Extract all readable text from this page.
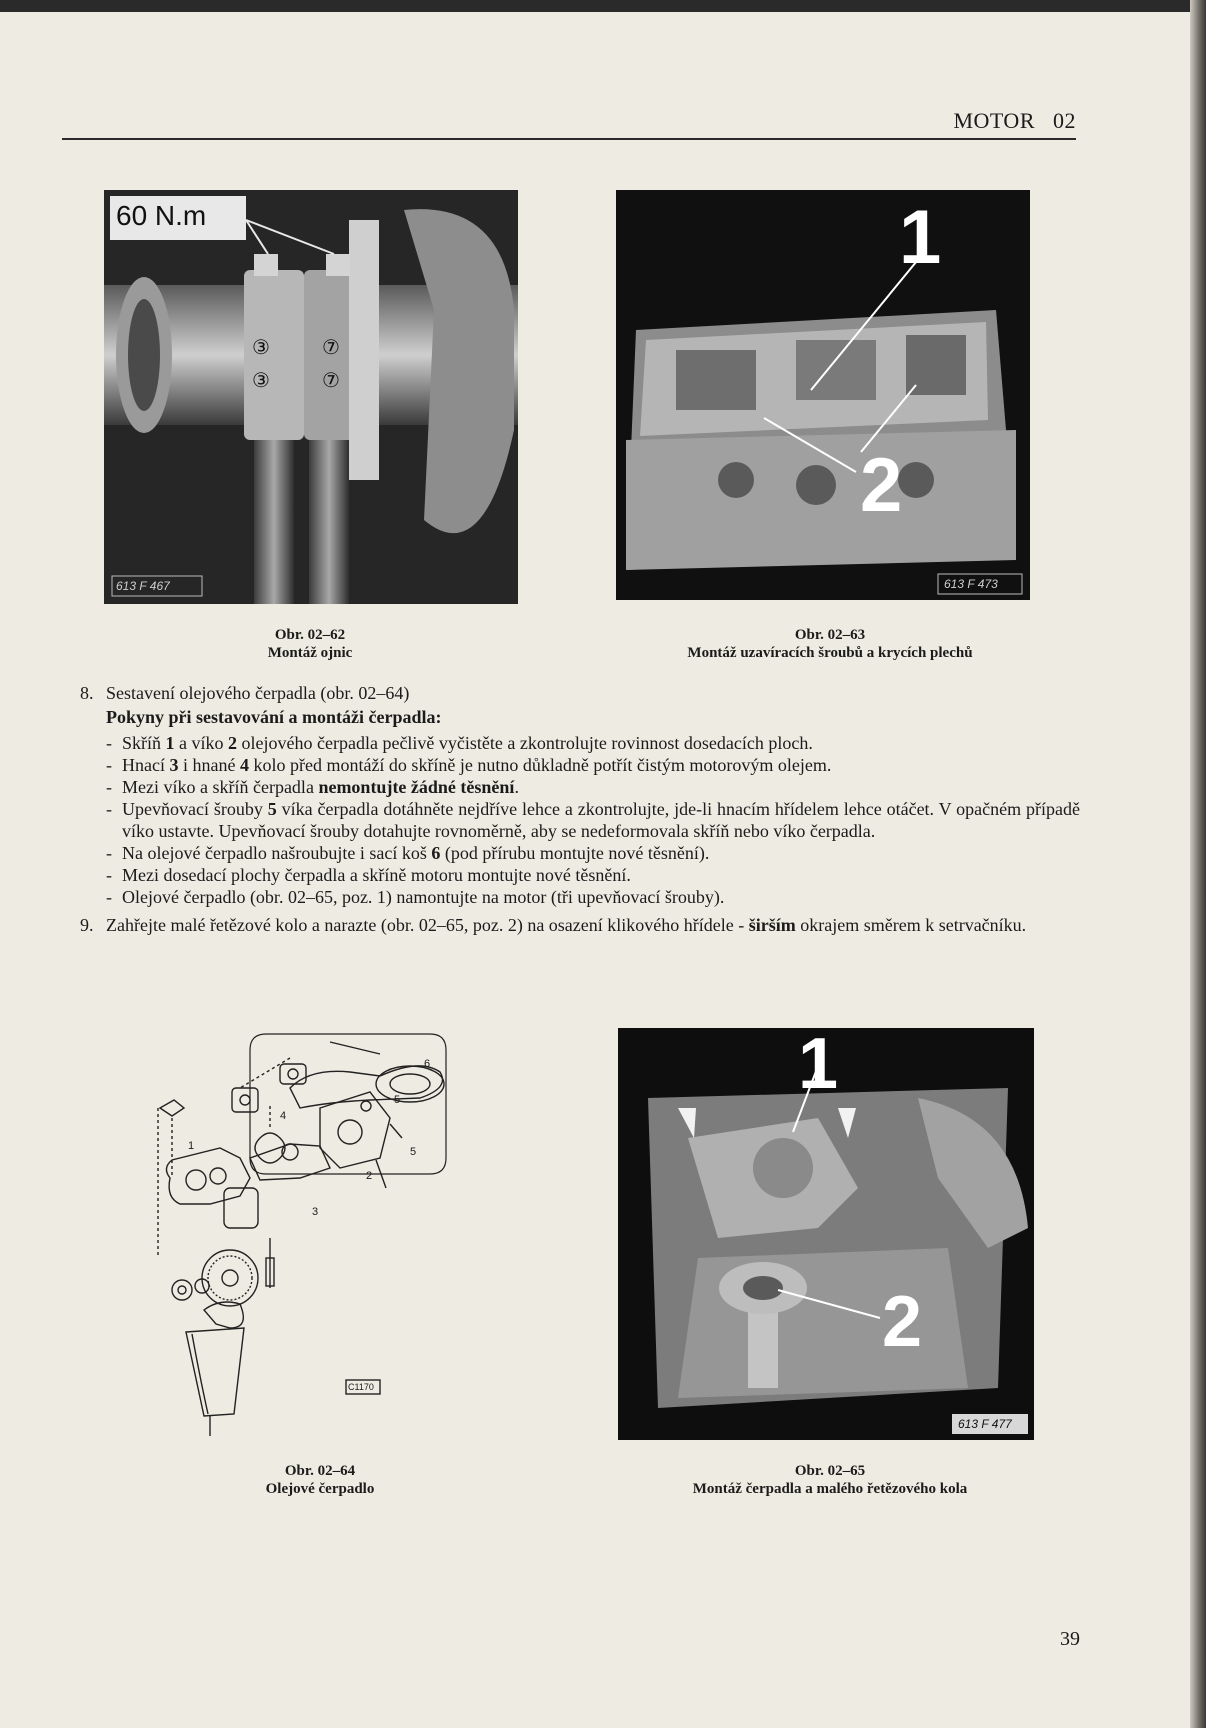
MOTOR 02
60 N.m
③
③
⑦
⑦
613 F 467
Obr. 02–62
Montáž ojnic
1
2
613 F 473
Obr. 02–63
Montáž uzavíracích šroubů a krycích plechů
8. Sestavení olejového čerpadla (obr. 02–64)
Pokyny při sestavování a montáži čerpadla:
- Skříň 1 a víko 2 olejového čerpadla pečlivě vyčistěte a zkontrolujte rovinnost dosedacích ploch.
- Hnací 3 i hnané 4 kolo před montáží do skříně je nutno důkladně potřít čistým motorovým olejem.
- Mezi víko a skříň čerpadla nemontujte žádné těsnění.
- Upevňovací šrouby 5 víka čerpadla dotáhněte nejdříve lehce a zkontrolujte, jde-li hnacím hřídelem lehce otáčet. V opačném případě víko ustavte. Upevňovací šrouby dotahujte rovnoměrně, aby se nedeformovala skříň nebo víko čerpadla.
- Na olejové čerpadlo našroubujte i sací koš 6 (pod přírubu montujte nové těsnění).
- Mezi dosedací plochy čerpadla a skříně motoru montujte nové těsnění.
- Olejové čerpadlo (obr. 02–65, poz. 1) namontujte na motor (tři upevňovací šrouby).
9. Zahřejte malé řetězové kolo a narazte (obr. 02–65, poz. 2) na osazení klikového hřídele - širším okrajem směrem k setrvačníku.
1
2
3
4
5
5
6
C1170
Obr. 02–64
Olejové čerpadlo
1
2
613 F 477
Obr. 02–65
Montáž čerpadla a malého řetězového kola
39
